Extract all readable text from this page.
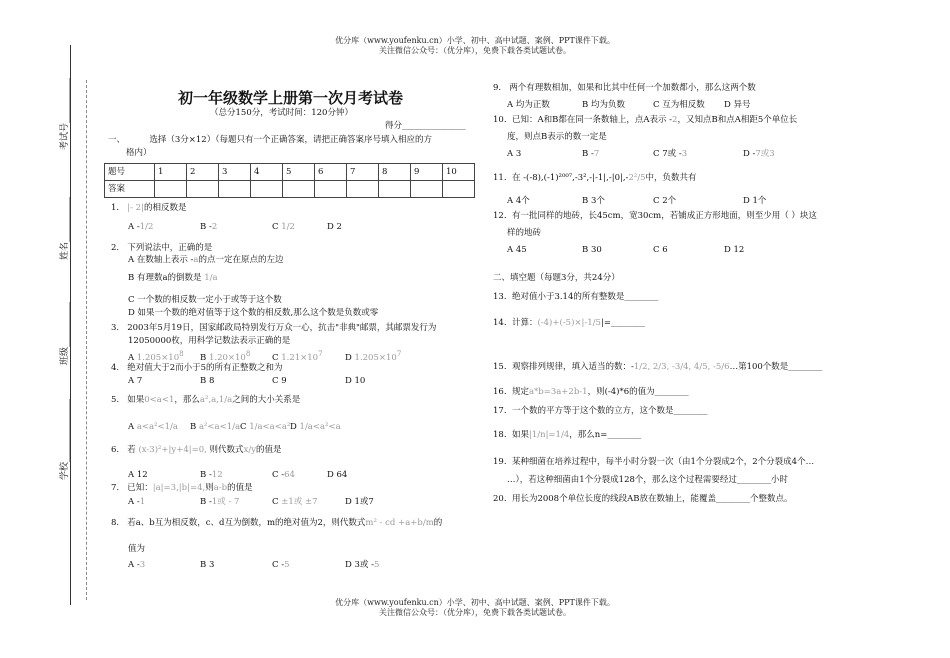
优分库（www.youfenku.cn）小学、初中、高中试题、案例、PPT课件下载。
关注微信公众号：（优分库），免费下载各类试题试卷。
考试号__________
姓名__________
班级__________
学校______________
初一年级数学上册第一次月考试卷
（总分150分，考试时间：120分钟）
得分_______________
一、	选择（3分×12）（每题只有一个正确答案，请把正确答案序号填入相应的方
格内）
题号	1	2	3	4	5	6	7	8	9	10
答案										
1. |- 2|的相反数是
A -1/2	B -2	C 1/2	D 2
2. 下列说法中，正确的是
A 在数轴上表示 -a的点一定在原点的左边
B 有理数a的倒数是 1/a
C 一个数的相反数一定小于或等于这个数
D 如果一个数的绝对值等于这个数的相反数,那么这个数是负数或零
3. 2003年5月19日，国家邮政局特别发行万众一心，抗击"非典"邮票，其邮票发行为
12050000枚，用科学记数法表示正确的是
A $1.205\times 10^8$ B $1.20\times 10^8$	C $1.21\times 10^7$	D $1.205\times 10^7$
4. 绝对值大于2而小于5的所有正整数之和为
A 7	B 8	C 9	D 10
5. 如果0<a<1，那么a²,a,1/a之间的大小关系是
A a<a²<1/a B a²<a<1/a C 1/a<a<a² D 1/a<a²<a
6. 若 (x-3)²+|y+4|=0, 则代数式x/y的值是
A 12	B -12	C -64	D 64
7. 已知：|a|=3,|b|=4,则a-b的值是
A -1	B -1或 - 7	C ±1或 ±7	D 1或7
8. 若a、b互为相反数，c、d互为倒数，m的绝对值为2，则代数式m² - cd +a+b/m的
值为
A -3	B 3	C -5	D 3或 -5
9. 两个有理数相加，如果和比其中任何一个加数都小，那么这两个数
A 均为正数	B 均为负数	C 互为相反数 D 异号
10. 已知：A和B都在同一条数轴上，点A表示 -2，又知点B和点A相距5个单位长
度，则点B表示的数一定是
A 3	B -7	C 7或 -3	D -7或3
11. 在 -(-8),(-1)²⁰⁰⁷,-3²,-|-1|,-|0|,-2²/5中，负数共有
A 4个	B 3个	C 2个	D 1个
12. 有一批同样的地砖，长45cm，宽30cm，若铺成正方形地面，则至少用（ ）块这
样的地砖
A 45	B 30	C 6	D 12
二、填空题（每题3分，共24分）
13. 绝对值小于3.14的所有整数是________
14. 计算：(-4)+(-5)×|-1/5|=________
15. 观察排列规律，填入适当的数：-1/2, 2/3, -3/4, 4/5, -5/6…第100个数是________
16. 规定a*b=3a+2b-1，则(-4)*6的值为________
17. 一个数的平方等于这个数的立方，这个数是________
18. 如果|1/n|=1/4，那么n=________
19. 某种细菌在培养过程中，每半小时分裂一次（由1个分裂成2个，2个分裂成4个…
…），若这种细菌由1个分裂成128个，那么这个过程需要经过________小时
20. 用长为2008个单位长度的线段AB放在数轴上，能覆盖________个整数点。
优分库（www.youfenku.cn）小学、初中、高中试题、案例、PPT课件下载。
关注微信公众号：（优分库），免费下载各类试题试卷。
